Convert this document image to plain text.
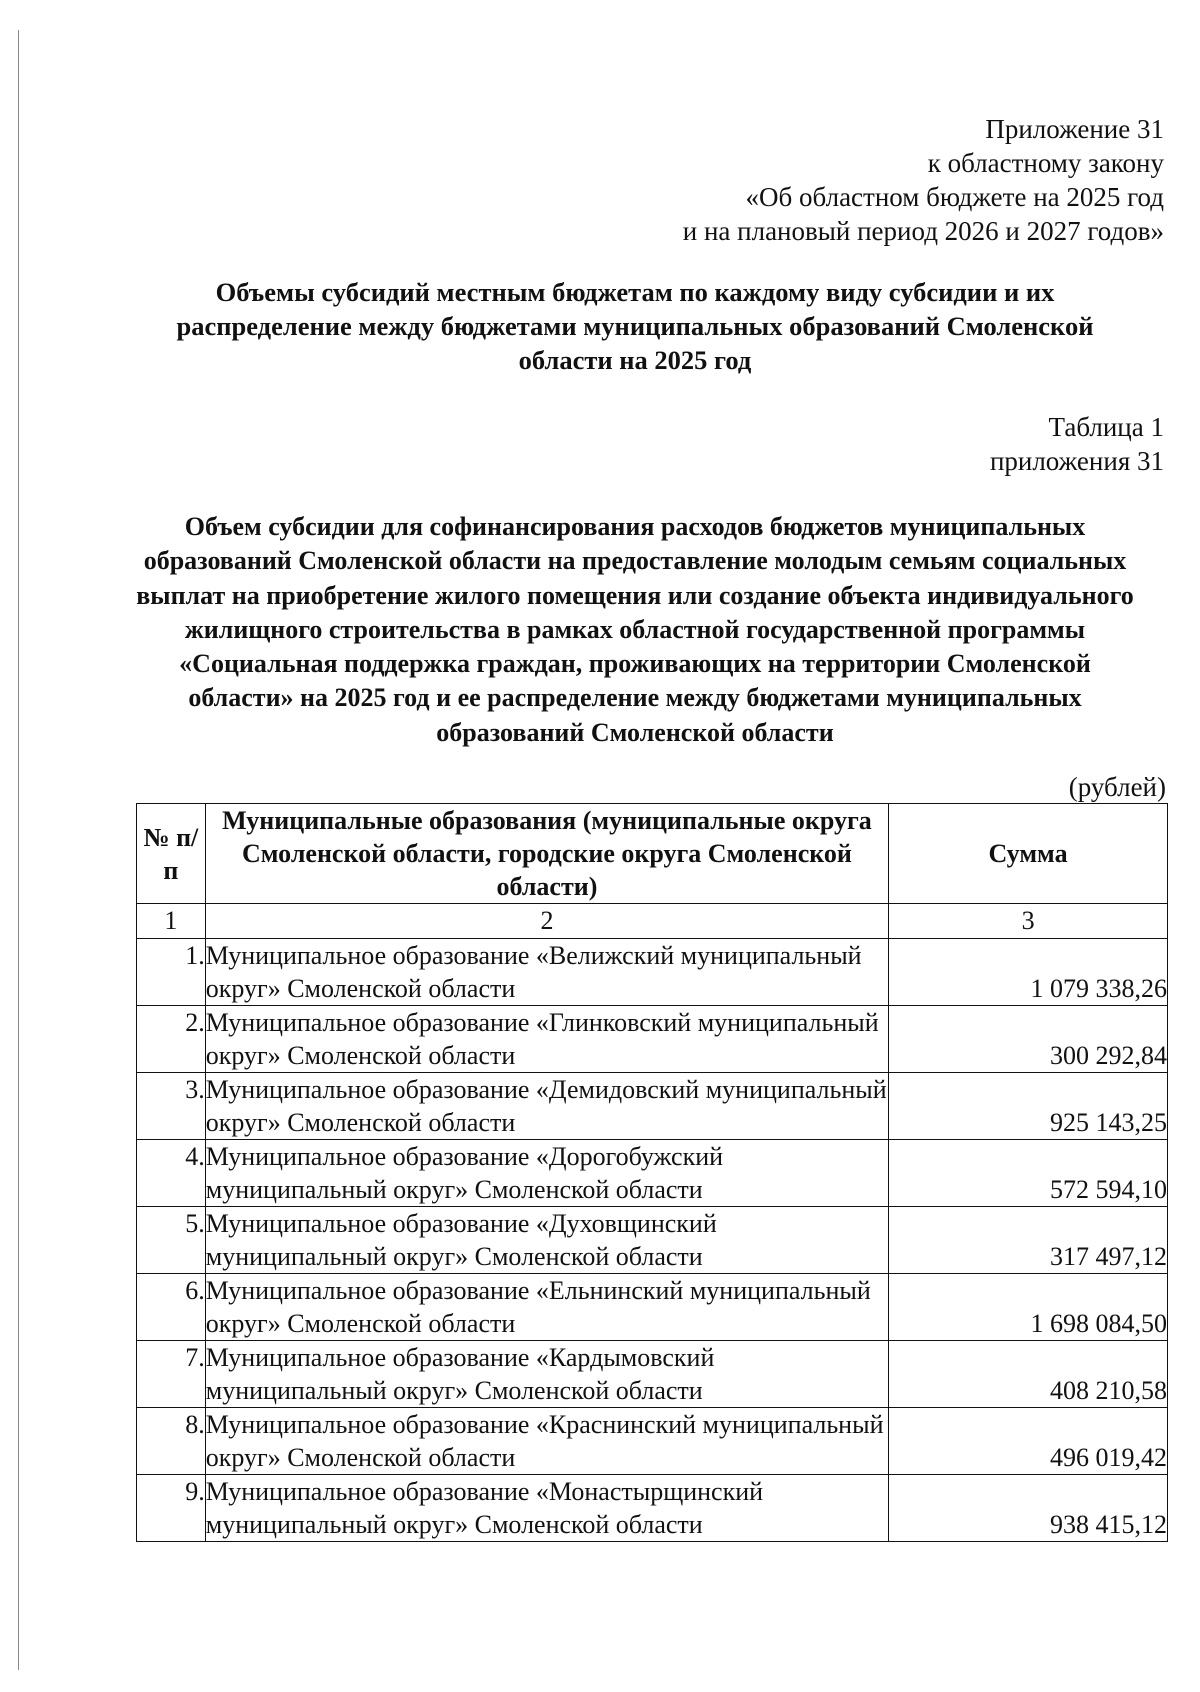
Приложение 31
к областному закону
«Об областном бюджете на 2025 год
и на плановый период 2026 и 2027 годов»
Объемы субсидий местным бюджетам по каждому виду субсидии и их распределение между бюджетами муниципальных образований Смоленской области на 2025 год
Таблица 1
приложения 31
Объем субсидии для софинансирования расходов бюджетов муниципальных образований Смоленской области на предоставление молодым семьям социальных выплат на приобретение жилого помещения или создание объекта индивидуального жилищного строительства в рамках областной государственной программы «Социальная поддержка граждан, проживающих на территории Смоленской области» на 2025 год и ее распределение между бюджетами муниципальных образований Смоленской области
(рублей)
№ п/п	Муниципальные образования (муниципальные округа Смоленской области, городские округа Смоленской области)	Сумма
1	2	3
1.	Муниципальное образование «Велижский муниципальный округ» Смоленской области	1 079 338,26
2.	Муниципальное образование «Глинковский муниципальный округ» Смоленской области	300 292,84
3.	Муниципальное образование «Демидовский муниципальный округ» Смоленской области	925 143,25
4.	Муниципальное образование «Дорогобужский муниципальный округ» Смоленской области	572 594,10
5.	Муниципальное образование «Духовщинский муниципальный округ» Смоленской области	317 497,12
6.	Муниципальное образование «Ельнинский муниципальный округ» Смоленской области	1 698 084,50
7.	Муниципальное образование «Кардымовский муниципальный округ» Смоленской области	408 210,58
8.	Муниципальное образование «Краснинский муниципальный округ» Смоленской области	496 019,42
9.	Муниципальное образование «Монастырщинский муниципальный округ» Смоленской области	938 415,12
